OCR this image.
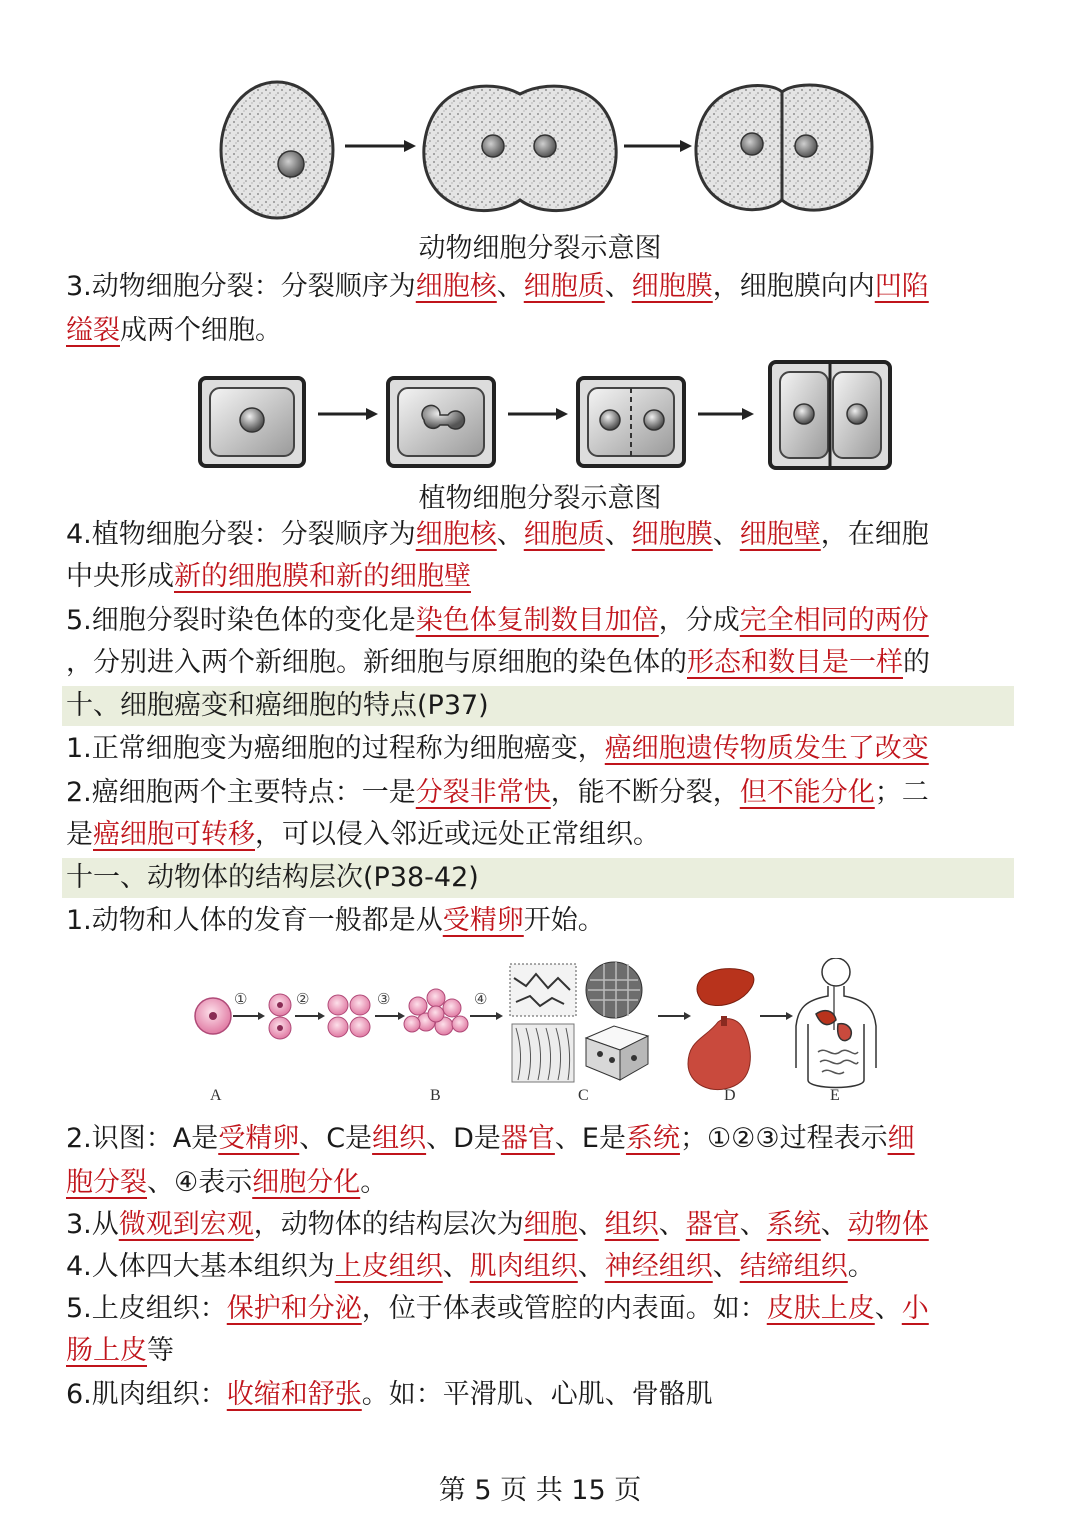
动物细胞分裂示意图
3.动物细胞分裂：分裂顺序为细胞核、细胞质、细胞膜，细胞膜向内凹陷
缢裂成两个细胞。
植物细胞分裂示意图
4.植物细胞分裂：分裂顺序为细胞核、细胞质、细胞膜、细胞壁，在细胞
中央形成新的细胞膜和新的细胞壁
5.细胞分裂时染色体的变化是染色体复制数目加倍，分成完全相同的两份
，分别进入两个新细胞。新细胞与原细胞的染色体的形态和数目是一样的
十、细胞癌变和癌细胞的特点(P37)
1.正常细胞变为癌细胞的过程称为细胞癌变，癌细胞遗传物质发生了改变
2.癌细胞两个主要特点：一是分裂非常快，能不断分裂，但不能分化；二
是癌细胞可转移，可以侵入邻近或远处正常组织。
十一、动物体的结构层次(P38-42)
1.动物和人体的发育一般都是从受精卵开始。
①	②	③	④
A	B	C	D	E
2.识图：A是受精卵、C是组织、D是器官、E是系统；①②③过程表示细
胞分裂、④表示细胞分化。
3.从微观到宏观，动物体的结构层次为细胞、组织、器官、系统、动物体
4.人体四大基本组织为上皮组织、肌肉组织、神经组织、结缔组织。
5.上皮组织：保护和分泌，位于体表或管腔的内表面。如：皮肤上皮、小
肠上皮等
6.肌肉组织：收缩和舒张。如：平滑肌、心肌、骨骼肌
第 5 页 共 15 页
